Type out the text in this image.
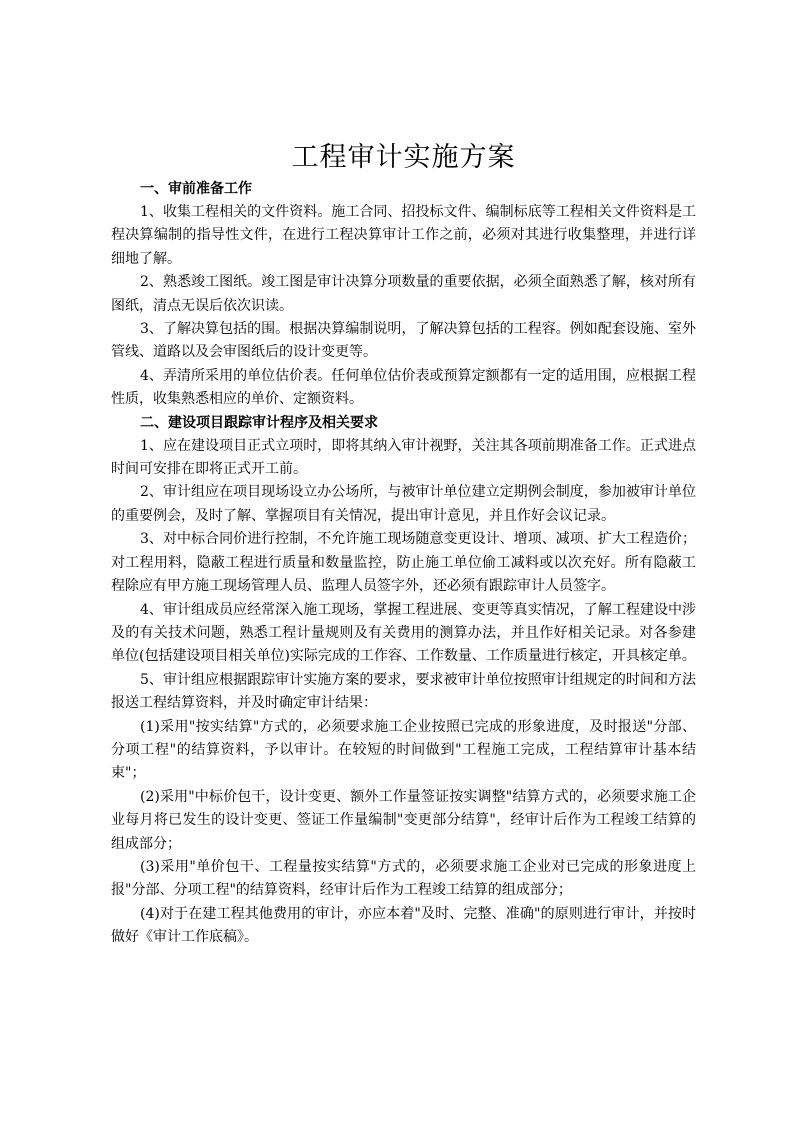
工程审计实施方案

一、审前准备工作

1、收集工程相关的文件资料。施工合同、招投标文件、编制标底等工程相关文件资料是工程决算编制的指导性文件，在进行工程决算审计工作之前，必须对其进行收集整理，并进行详细地了解。

2、熟悉竣工图纸。竣工图是审计决算分项数量的重要依据，必须全面熟悉了解，核对所有图纸，清点无误后依次识读。

3、了解决算包括的围。根据决算编制说明，了解决算包括的工程容。例如配套设施、室外管线、道路以及会审图纸后的设计变更等。

4、弄清所采用的单位估价表。任何单位估价表或预算定额都有一定的适用围，应根据工程性质，收集熟悉相应的单价、定额资料。

二、建设项目跟踪审计程序及相关要求

1、应在建设项目正式立项时，即将其纳入审计视野，关注其各项前期准备工作。正式进点时间可安排在即将正式开工前。

2、审计组应在项目现场设立办公场所，与被审计单位建立定期例会制度，参加被审计单位的重要例会，及时了解、掌握项目有关情况，提出审计意见，并且作好会议记录。

3、对中标合同价进行控制，不允许施工现场随意变更设计、增项、减项、扩大工程造价；对工程用料，隐蔽工程进行质量和数量监控，防止施工单位偷工减料或以次充好。所有隐蔽工程除应有甲方施工现场管理人员、监理人员签字外，还必须有跟踪审计人员签字。

4、审计组成员应经常深入施工现场，掌握工程进展、变更等真实情况，了解工程建设中涉及的有关技术问题，熟悉工程计量规则及有关费用的测算办法，并且作好相关记录。对各参建单位(包括建设项目相关单位)实际完成的工作容、工作数量、工作质量进行核定，开具核定单。

5、审计组应根据跟踪审计实施方案的要求，要求被审计单位按照审计组规定的时间和方法报送工程结算资料，并及时确定审计结果：

(1)采用"按实结算"方式的，必须要求施工企业按照已完成的形象进度，及时报送"分部、分项工程"的结算资料，予以审计。在较短的时间做到"工程施工完成，工程结算审计基本结束"；

(2)采用"中标价包干，设计变更、额外工作量签证按实调整"结算方式的，必须要求施工企业每月将已发生的设计变更、签证工作量编制"变更部分结算"，经审计后作为工程竣工结算的组成部分；

(3)采用"单价包干、工程量按实结算"方式的，必须要求施工企业对已完成的形象进度上报"分部、分项工程"的结算资料，经审计后作为工程竣工结算的组成部分；

(4)对于在建工程其他费用的审计，亦应本着"及时、完整、准确"的原则进行审计，并按时做好《审计工作底稿》。
